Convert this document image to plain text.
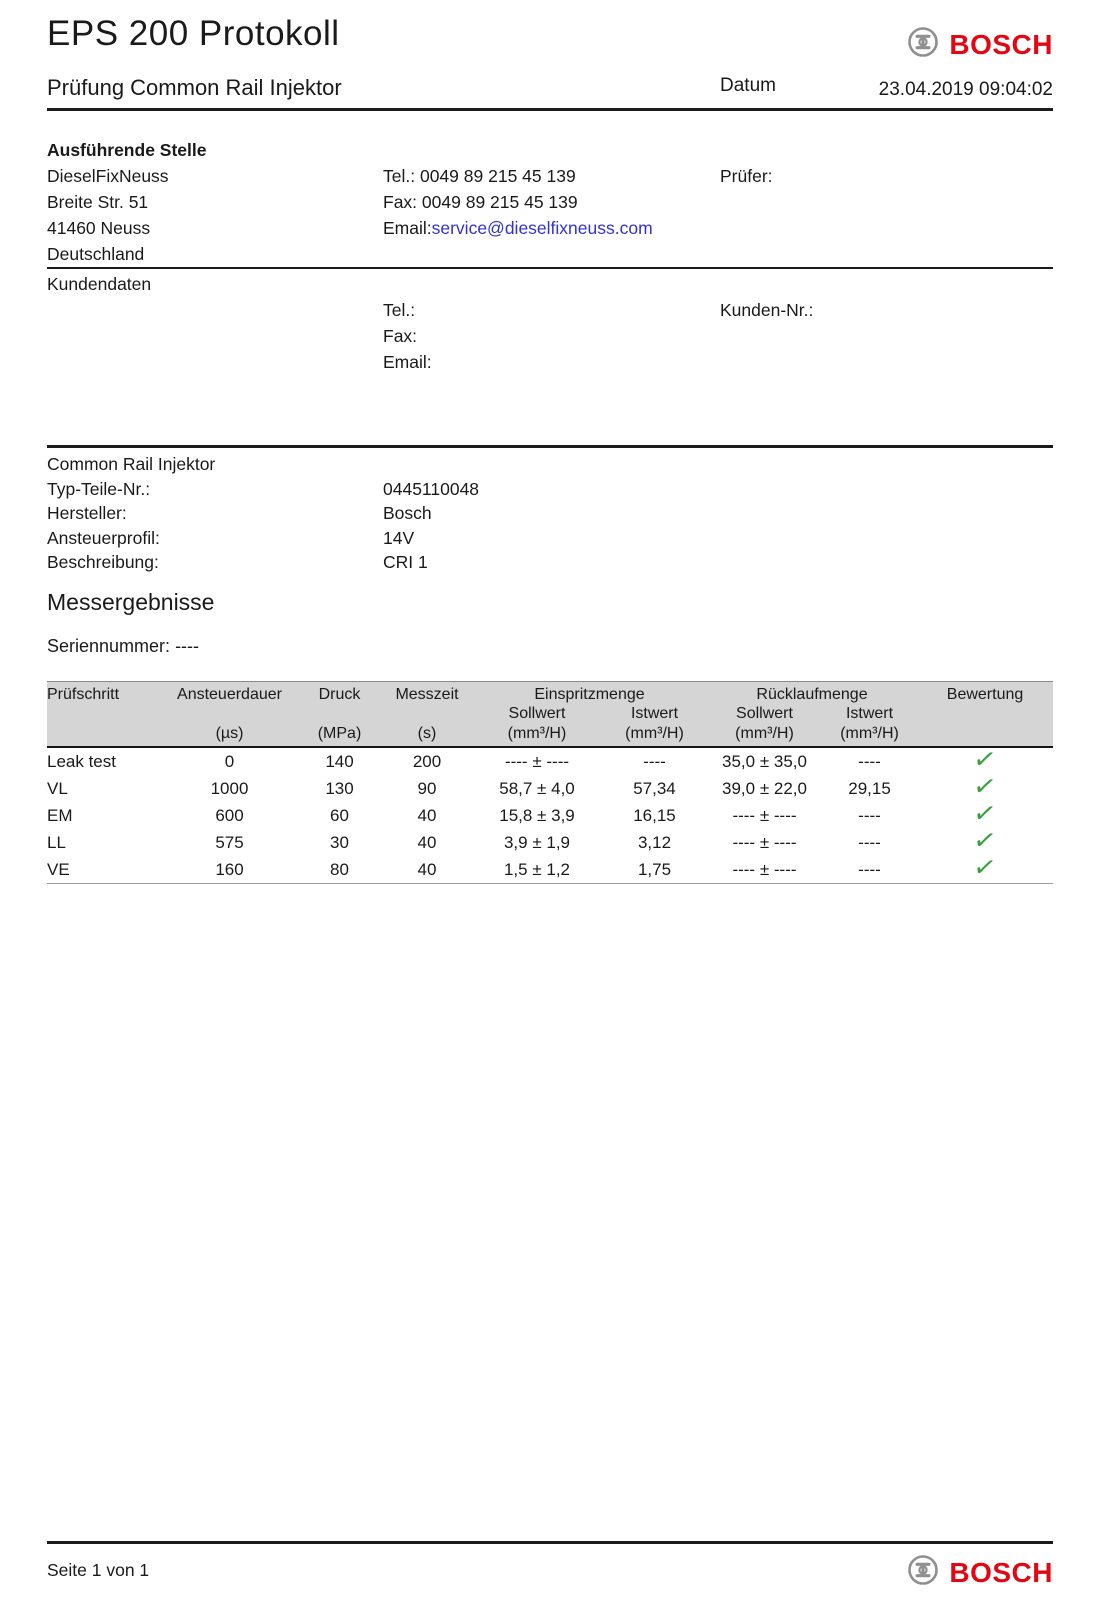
EPS 200 Protokoll	BOSCH
Prüfung Common Rail Injektor	Datum	23.04.2019 09:04:02
Ausführende Stelle
DieselFixNeuss
Breite Str. 51
41460 Neuss
Deutschland
Tel.: 0049 89 215 45 139
Fax: 0049 89 215 45 139
Email:service@dieselfixneuss.com
Prüfer:
Kundendaten
Tel.:
Fax:
Email:
Kunden-Nr.:
Common Rail Injektor
Typ-Teile-Nr.:	0445110048
Hersteller:	Bosch
Ansteuerprofil:	14V
Beschreibung:	CRI 1
Messergebnisse
Seriennummer: ----
Prüfschritt	Ansteuerdauer	Druck	Messzeit	Einspritzmenge		Rücklaufmenge		Bewertung
				Sollwert	Istwert	Sollwert	Istwert	
	(µs)	(MPa)	(s)	(mm³/H)	(mm³/H)	(mm³/H)	(mm³/H)	
Leak test	0	140	200	---- ± ----	----	35,0 ± 35,0	----	✓
VL	1000	130	90	58,7 ± 4,0	57,34	39,0 ± 22,0	29,15	✓
EM	600	60	40	15,8 ± 3,9	16,15	---- ± ----	----	✓
LL	575	30	40	3,9 ± 1,9	3,12	---- ± ----	----	✓
VE	160	80	40	1,5 ± 1,2	1,75	---- ± ----	----	✓
Seite 1 von 1	BOSCH
